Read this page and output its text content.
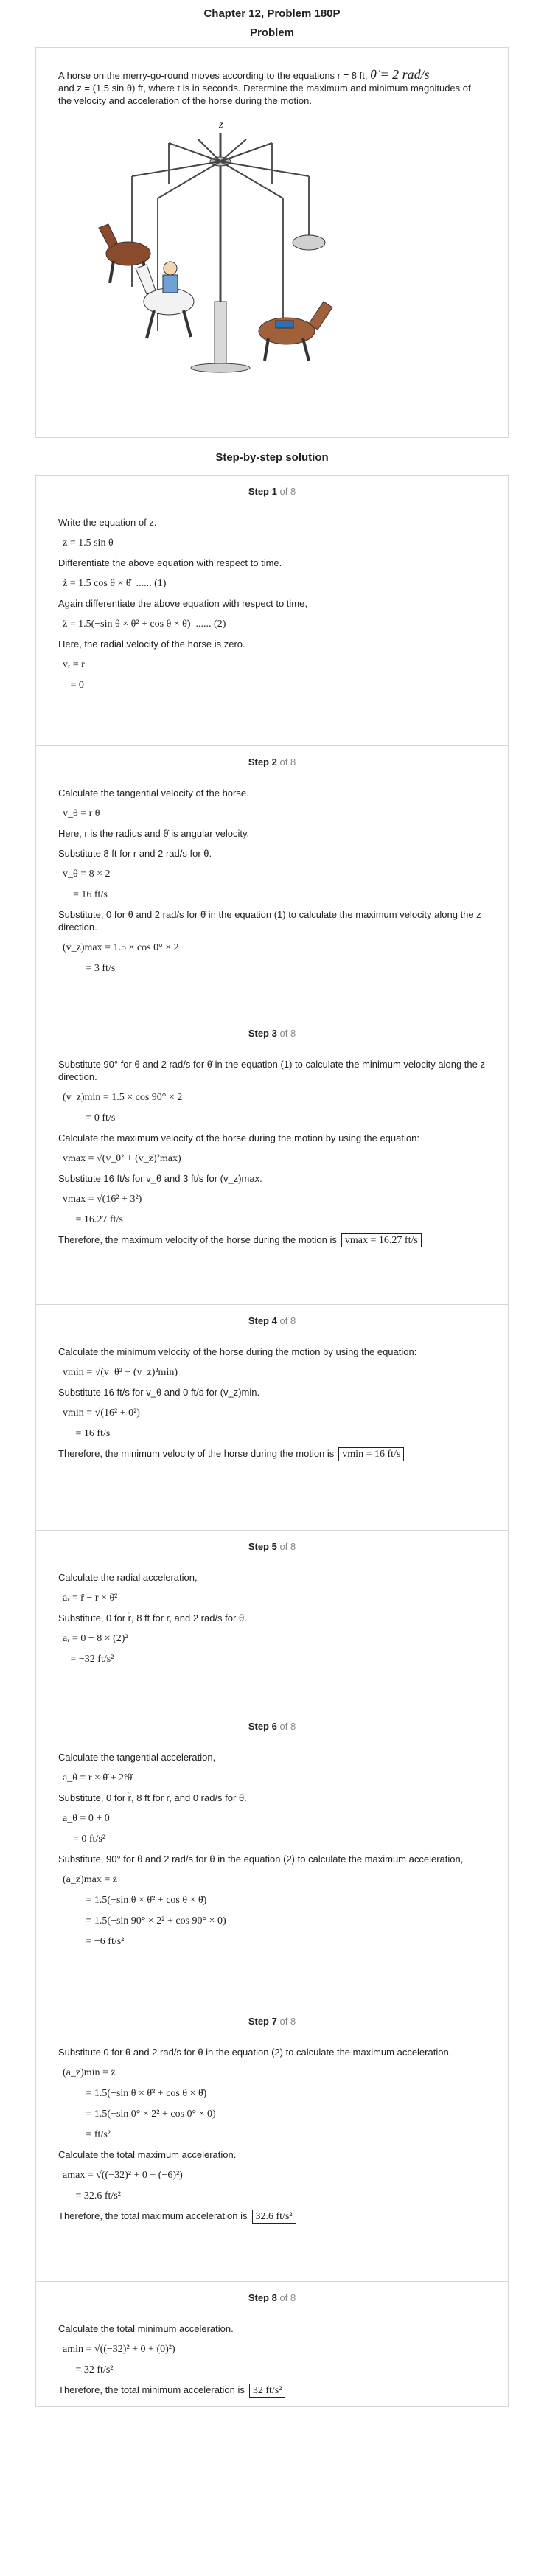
Chapter 12, Problem 180P
Problem
A horse on the merry-go-round moves according to the equations r = 8 ft, θ̇ = 2 rad/s
and z = (1.5 sin θ) ft, where t is in seconds. Determine the maximum and minimum magnitudes of the velocity and acceleration of the horse during the motion.
z
Step-by-step solution
Step 1 of 8
Write the equation of z.
z = 1.5 sin θ
Differentiate the above equation with respect to time.
ż = 1.5 cos θ × θ̇  ...... (1)
Again differentiate the above equation with respect to time,
z̈ = 1.5(−sin θ × θ̇² + cos θ × θ̈)  ...... (2)
Here, the radial velocity of the horse is zero.
vᵣ = ṙ
= 0
Step 2 of 8
Calculate the tangential velocity of the horse.
v_θ = r θ̇
Here, r is the radius and θ̇ is angular velocity.
Substitute 8 ft for r and 2 rad/s for θ̇.
v_θ = 8 × 2
= 16 ft/s
Substitute, 0 for θ and 2 rad/s for θ̇ in the equation (1) to calculate the maximum velocity along the z direction.
(v_z)max = 1.5 × cos 0° × 2
= 3 ft/s
Step 3 of 8
Substitute 90° for θ and 2 rad/s for θ̇ in the equation (1) to calculate the minimum velocity along the z direction.
(v_z)min = 1.5 × cos 90° × 2
= 0 ft/s
Calculate the maximum velocity of the horse during the motion by using the equation:
vmax = √(v_θ² + (v_z)²max)
Substitute 16 ft/s for v_θ and 3 ft/s for (v_z)max.
vmax = √(16² + 3²)
= 16.27 ft/s
Therefore, the maximum velocity of the horse during the motion is vmax = 16.27 ft/s
Step 4 of 8
Calculate the minimum velocity of the horse during the motion by using the equation:
vmin = √(v_θ² + (v_z)²min)
Substitute 16 ft/s for v_θ and 0 ft/s for (v_z)min.
vmin = √(16² + 0²)
= 16 ft/s
Therefore, the minimum velocity of the horse during the motion is vmin = 16 ft/s
Step 5 of 8
Calculate the radial acceleration,
aᵣ = r̈ − r × θ̇²
Substitute, 0 for r̈, 8 ft for r, and 2 rad/s for θ̇.
aᵣ = 0 − 8 × (2)²
= −32 ft/s²
Step 6 of 8
Calculate the tangential acceleration,
a_θ = r × θ̈ + 2ṙθ̇
Substitute, 0 for r̈, 8 ft for r, and 0 rad/s for θ̈.
a_θ = 0 + 0
= 0 ft/s²
Substitute, 90° for θ and 2 rad/s for θ̇ in the equation (2) to calculate the maximum acceleration,
(a_z)max = z̈
= 1.5(−sin θ × θ̇² + cos θ × θ̈)
= 1.5(−sin 90° × 2² + cos 90° × 0)
= −6 ft/s²
Step 7 of 8
Substitute 0 for θ and 2 rad/s for θ̇ in the equation (2) to calculate the maximum acceleration,
(a_z)min = z̈
= 1.5(−sin θ × θ̇² + cos θ × θ̈)
= 1.5(−sin 0° × 2² + cos 0° × 0)
= ft/s²
Calculate the total maximum acceleration.
amax = √((−32)² + 0 + (−6)²)
= 32.6 ft/s²
Therefore, the total maximum acceleration is 32.6 ft/s²
Step 8 of 8
Calculate the total minimum acceleration.
amin = √((−32)² + 0 + (0)²)
= 32 ft/s²
Therefore, the total minimum acceleration is 32 ft/s²
